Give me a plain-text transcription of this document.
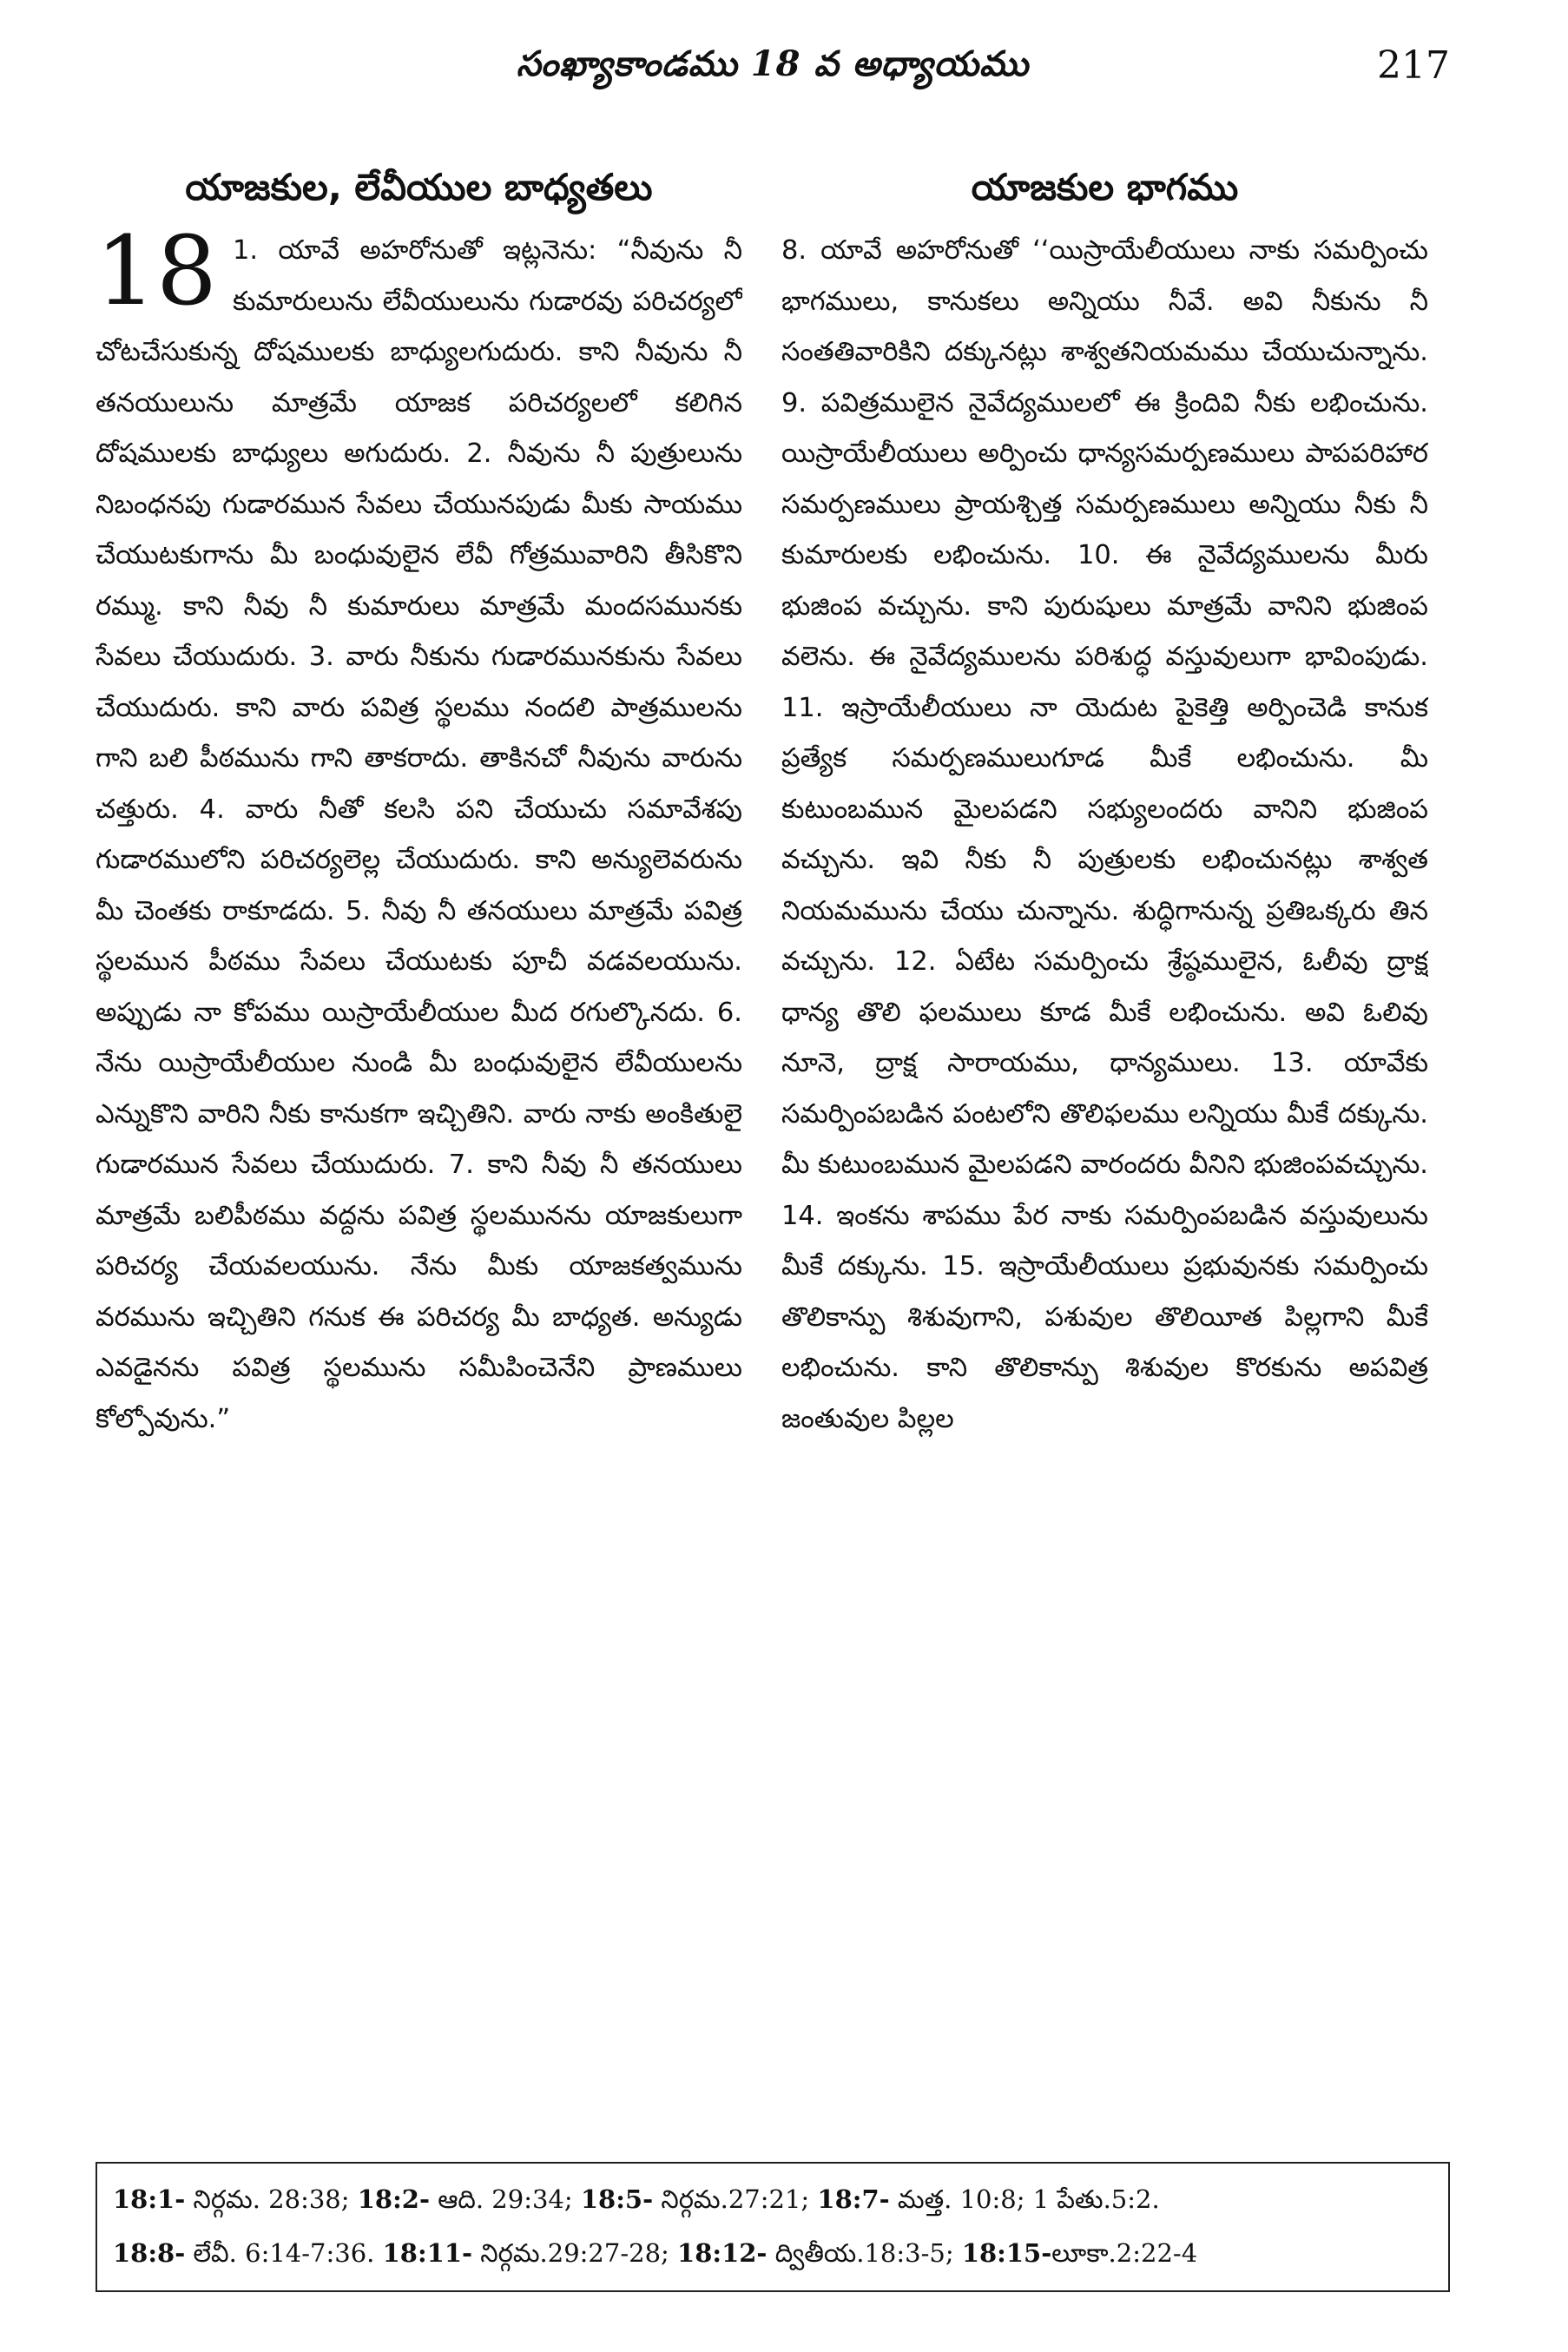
సంఖ్యాకాండము 18 వ అధ్యాయము	217
యాజకుల, లేవీయుల బాధ్యతలు

18 1. యావే అహరోనుతో ఇట్లనెను: “నీవును నీ కుమారులును లేవీయులును గుడారవు పరిచర్యలో చోటచేసుకున్న దోషములకు బాధ్యులగుదురు. కాని నీవును నీ తనయులును మాత్రమే యాజక పరిచర్యలలో కలిగిన దోషములకు బాధ్యులు అగుదురు. 2. నీవును నీ పుత్రులును నిబంధనపు గుడారమున సేవలు చేయునపుడు మీకు సాయము చేయుటకుగాను మీ బంధువులైన లేవీ గోత్రమువారిని తీసికొని రమ్ము. కాని నీవు నీ కుమారులు మాత్రమే మందసమునకు సేవలు చేయుదురు. 3. వారు నీకును గుడారమునకును సేవలు చేయుదురు. కాని వారు పవిత్ర స్థలము నందలి పాత్రములను గాని బలి పీఠమును గాని తాకరాదు. తాకినచో నీవును వారును చత్తురు. 4. వారు నీతో కలసి పని చేయుచు సమావేశపు గుడారములోని పరిచర్యలెల్ల చేయుదురు. కాని అన్యులెవరును మీ చెంతకు రాకూడదు. 5. నీవు నీ తనయులు మాత్రమే పవిత్ర స్థలమున పీఠము సేవలు చేయుటకు పూచీ వడవలయును. అప్పుడు నా కోపము యిస్రాయేలీయుల మీద రగుల్కొనదు. 6. నేను యిస్రాయేలీయుల నుండి మీ బంధువులైన లేవీయులను ఎన్నుకొని వారిని నీకు కానుకగా ఇచ్చితిని. వారు నాకు అంకితులై గుడారమున సేవలు చేయుదురు. 7. కాని నీవు నీ తనయులు మాత్రమే బలిపీఠము వద్దను పవిత్ర స్థలమునను యాజకులుగా పరిచర్య చేయవలయును. నేను మీకు యాజకత్వమును వరమును ఇచ్చితిని గనుక ఈ పరిచర్య మీ బాధ్యత. అన్యుడు ఎవడైనను పవిత్ర స్థలమును సమీపించెనేని ప్రాణములు కోల్పోవును.”

యాజకుల భాగము

8. యావే అహరోనుతో ‘‘యిస్రాయేలీయులు నాకు సమర్పించు భాగములు, కానుకలు అన్నియు నీవే. అవి నీకును నీ సంతతివారికిని దక్కునట్లు శాశ్వతనియమము చేయుచున్నాను. 9. పవిత్రములైన నైవేద్యములలో ఈ క్రిందివి నీకు లభించును. యిస్రాయేలీయులు అర్పించు ధాన్యసమర్పణములు పాపపరిహార సమర్పణములు ప్రాయశ్చిత్త సమర్పణములు అన్నియు నీకు నీ కుమారులకు లభించును. 10. ఈ నైవేద్యములను మీరు భుజింప వచ్చును. కాని పురుషులు మాత్రమే వానిని భుజింప వలెను. ఈ నైవేద్యములను పరిశుద్ధ వస్తువులుగా భావింపుడు. 11. ఇస్రాయేలీయులు నా యెదుట పైకెత్తి అర్పించెడి కానుక ప్రత్యేక సమర్పణములుగూడ మీకే లభించును. మీ కుటుంబమున మైలపడని సభ్యులందరు వానిని భుజింప వచ్చును. ఇవి నీకు నీ పుత్రులకు లభించునట్లు శాశ్వత నియమమును చేయు చున్నాను. శుద్ధిగానున్న ప్రతిఒక్కరు తిన వచ్చును. 12. ఏటేట సమర్పించు శ్రేష్ఠములైన, ఓలీవు ద్రాక్ష ధాన్య తొలి ఫలములు కూడ మీకే లభించును. అవి ఓలివు నూనె, ద్రాక్ష సారాయము, ధాన్యములు. 13. యావేకు సమర్పింపబడిన పంటలోని తొలిఫలము లన్నియు మీకే దక్కును. మీ కుటుంబమున మైలపడని వారందరు వీనిని భుజింపవచ్చును. 14. ఇంకను శాపము పేర నాకు సమర్పింపబడిన వస్తువులును మీకే దక్కును. 15. ఇస్రాయేలీయులు ప్రభువునకు సమర్పించు తొలికాన్పు శిశువుగాని, పశువుల తొలియీత పిల్లగాని మీకే లభించును. కాని తొలికాన్పు శిశువుల కొరకును అపవిత్ర జంతువుల పిల్లల

18:1- నిర్గమ. 28:38; 18:2- ఆది. 29:34; 18:5- నిర్గమ.27:21; 18:7- మత్త. 10:8; 1 పేతు.5:2.
18:8- లేవీ. 6:14-7:36. 18:11- నిర్గమ.29:27-28; 18:12- ద్వితీయ.18:3-5; 18:15-లూకా.2:22-4
